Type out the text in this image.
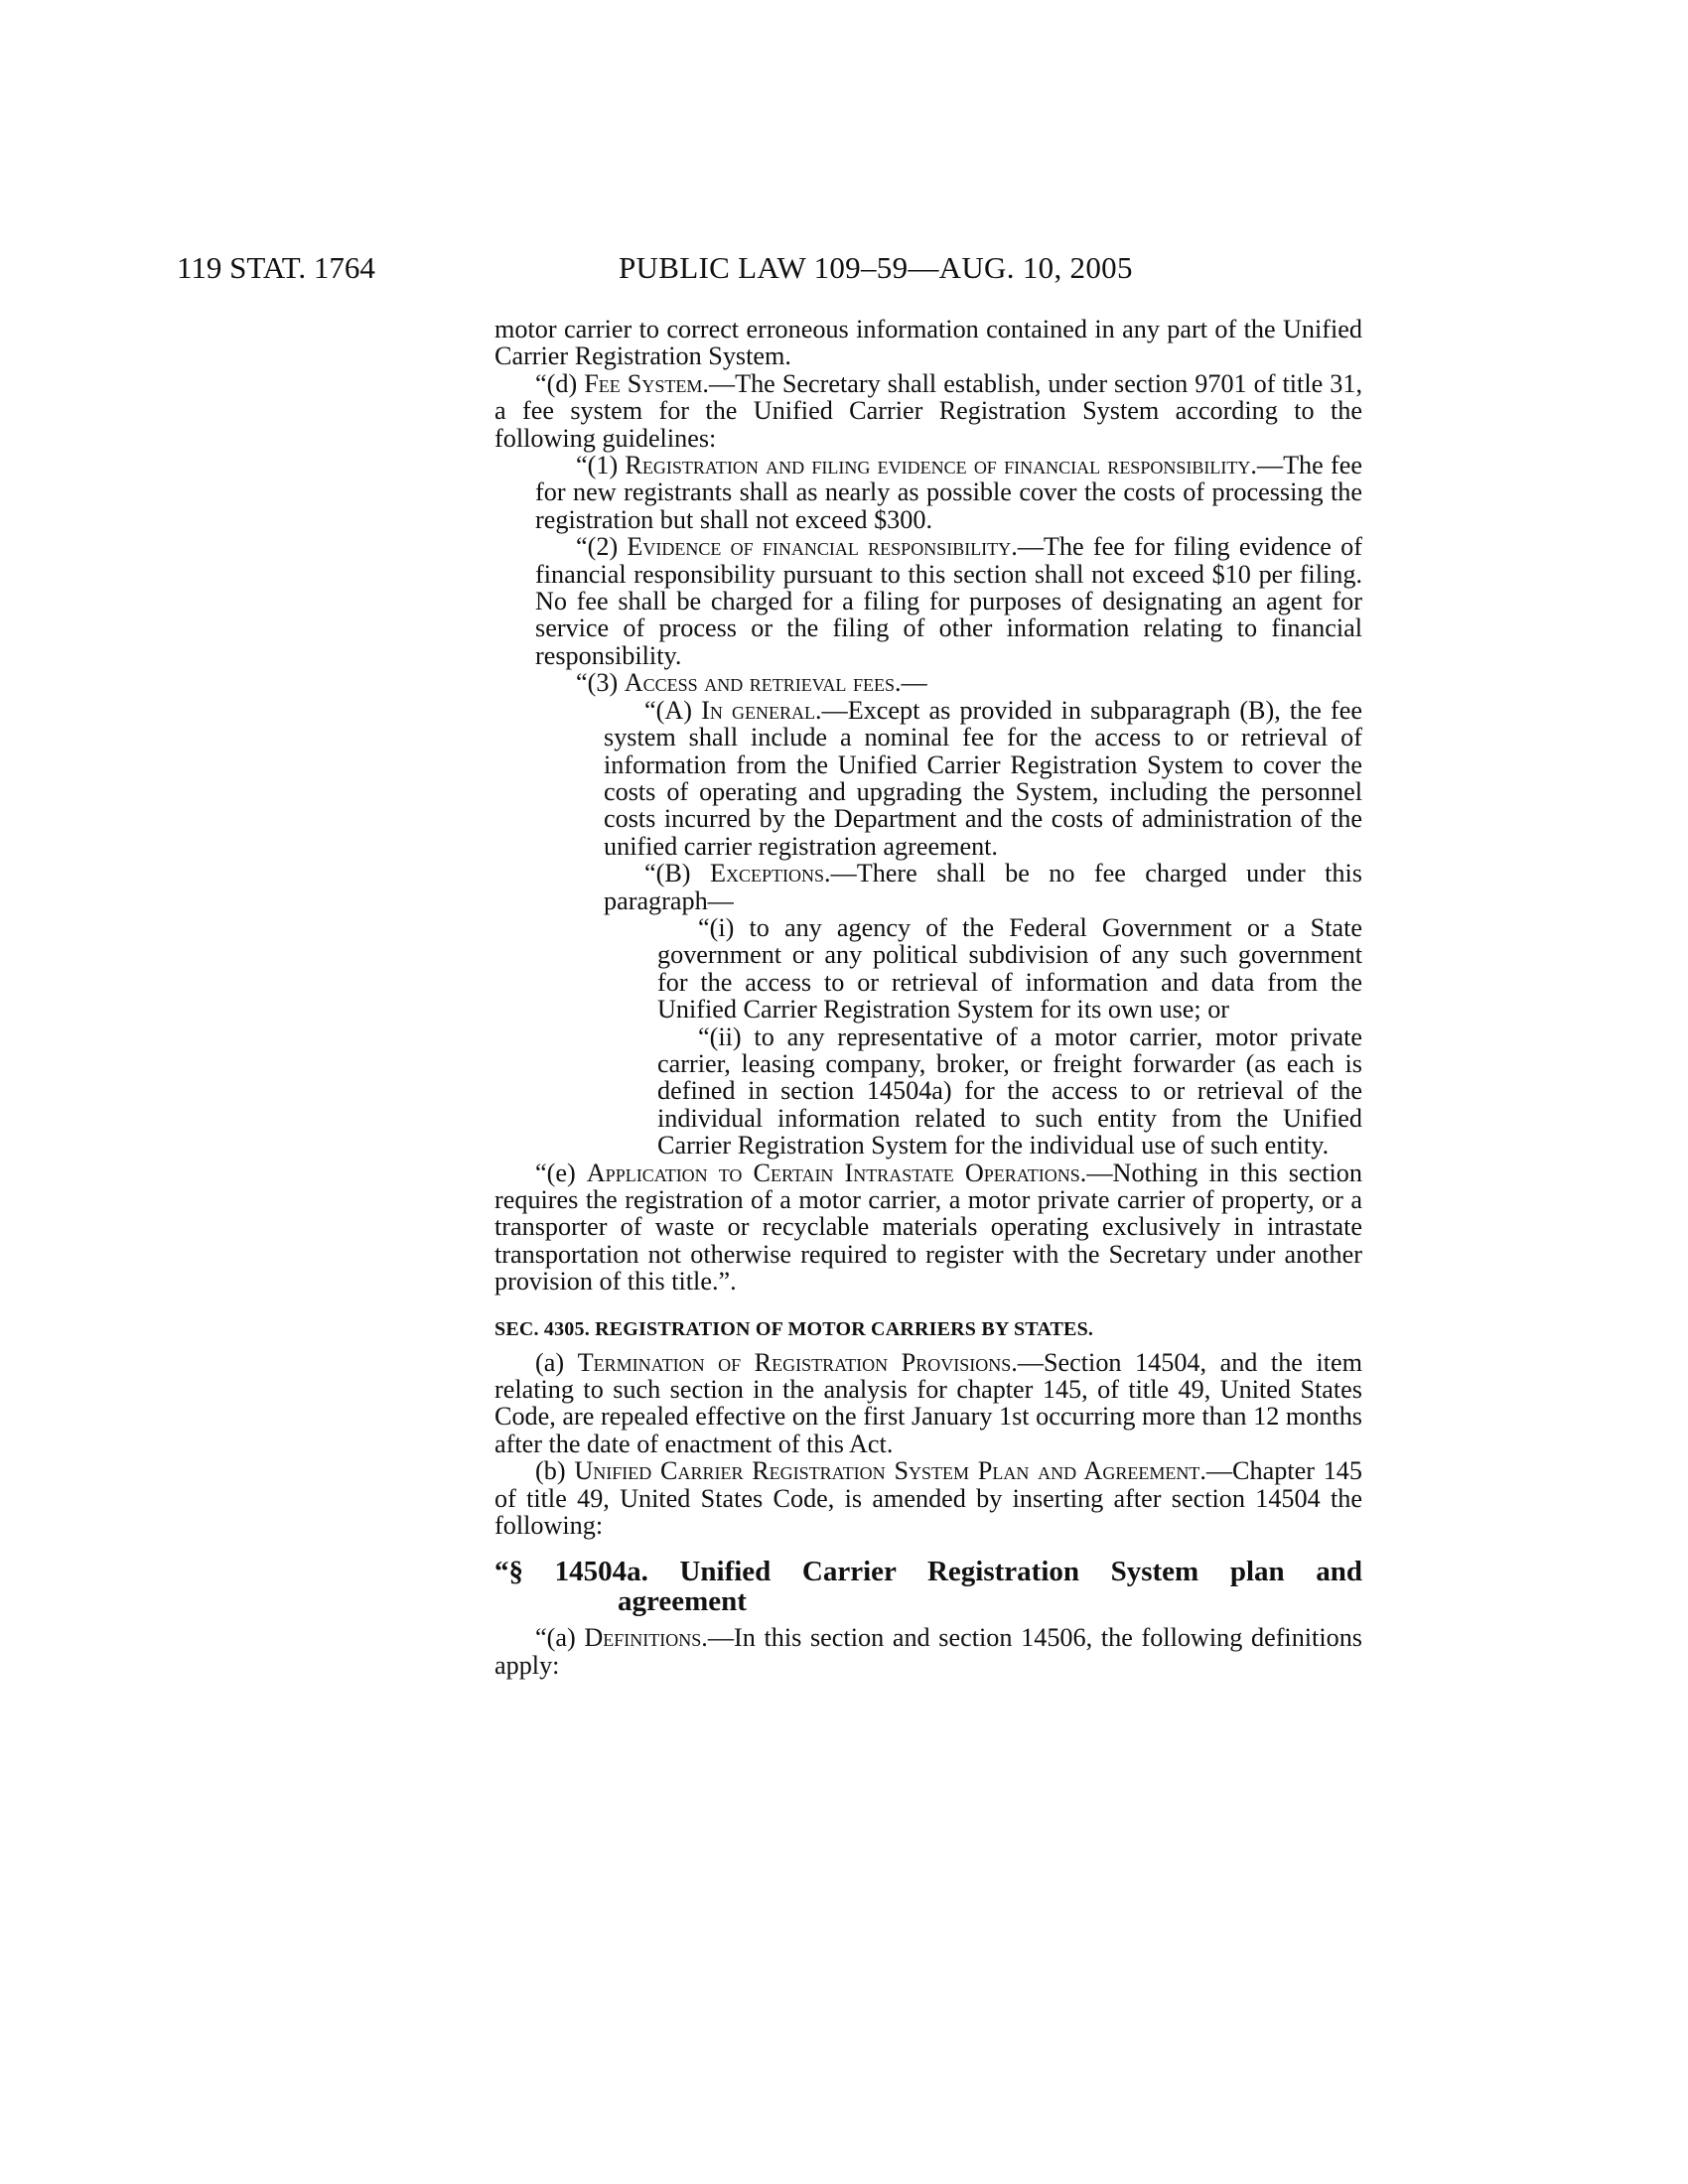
119 STAT. 1764	PUBLIC LAW 109–59—AUG. 10, 2005

motor carrier to correct erroneous information contained in any part of the Unified Carrier Registration System.

“(d) Fee System.—The Secretary shall establish, under section 9701 of title 31, a fee system for the Unified Carrier Registration System according to the following guidelines:

“(1) Registration and filing evidence of financial responsibility.—The fee for new registrants shall as nearly as possible cover the costs of processing the registration but shall not exceed $300.

“(2) Evidence of financial responsibility.—The fee for filing evidence of financial responsibility pursuant to this section shall not exceed $10 per filing. No fee shall be charged for a filing for purposes of designating an agent for service of process or the filing of other information relating to financial responsibility.

“(3) Access and retrieval fees.—

“(A) In general.—Except as provided in subparagraph (B), the fee system shall include a nominal fee for the access to or retrieval of information from the Unified Carrier Registration System to cover the costs of operating and upgrading the System, including the personnel costs incurred by the Department and the costs of administration of the unified carrier registration agreement.

“(B) Exceptions.—There shall be no fee charged under this paragraph—

“(i) to any agency of the Federal Government or a State government or any political subdivision of any such government for the access to or retrieval of information and data from the Unified Carrier Registration System for its own use; or

“(ii) to any representative of a motor carrier, motor private carrier, leasing company, broker, or freight forwarder (as each is defined in section 14504a) for the access to or retrieval of the individual information related to such entity from the Unified Carrier Registration System for the individual use of such entity.

“(e) Application to Certain Intrastate Operations.—Nothing in this section requires the registration of a motor carrier, a motor private carrier of property, or a transporter of waste or recyclable materials operating exclusively in intrastate transportation not otherwise required to register with the Secretary under another provision of this title.”.

SEC. 4305. REGISTRATION OF MOTOR CARRIERS BY STATES.

(a) Termination of Registration Provisions.—Section 14504, and the item relating to such section in the analysis for chapter 145, of title 49, United States Code, are repealed effective on the first January 1st occurring more than 12 months after the date of enactment of this Act.

(b) Unified Carrier Registration System Plan and Agreement.—Chapter 145 of title 49, United States Code, is amended by inserting after section 14504 the following:

“§ 14504a. Unified Carrier Registration System plan and
agreement

“(a) Definitions.—In this section and section 14506, the following definitions apply:
